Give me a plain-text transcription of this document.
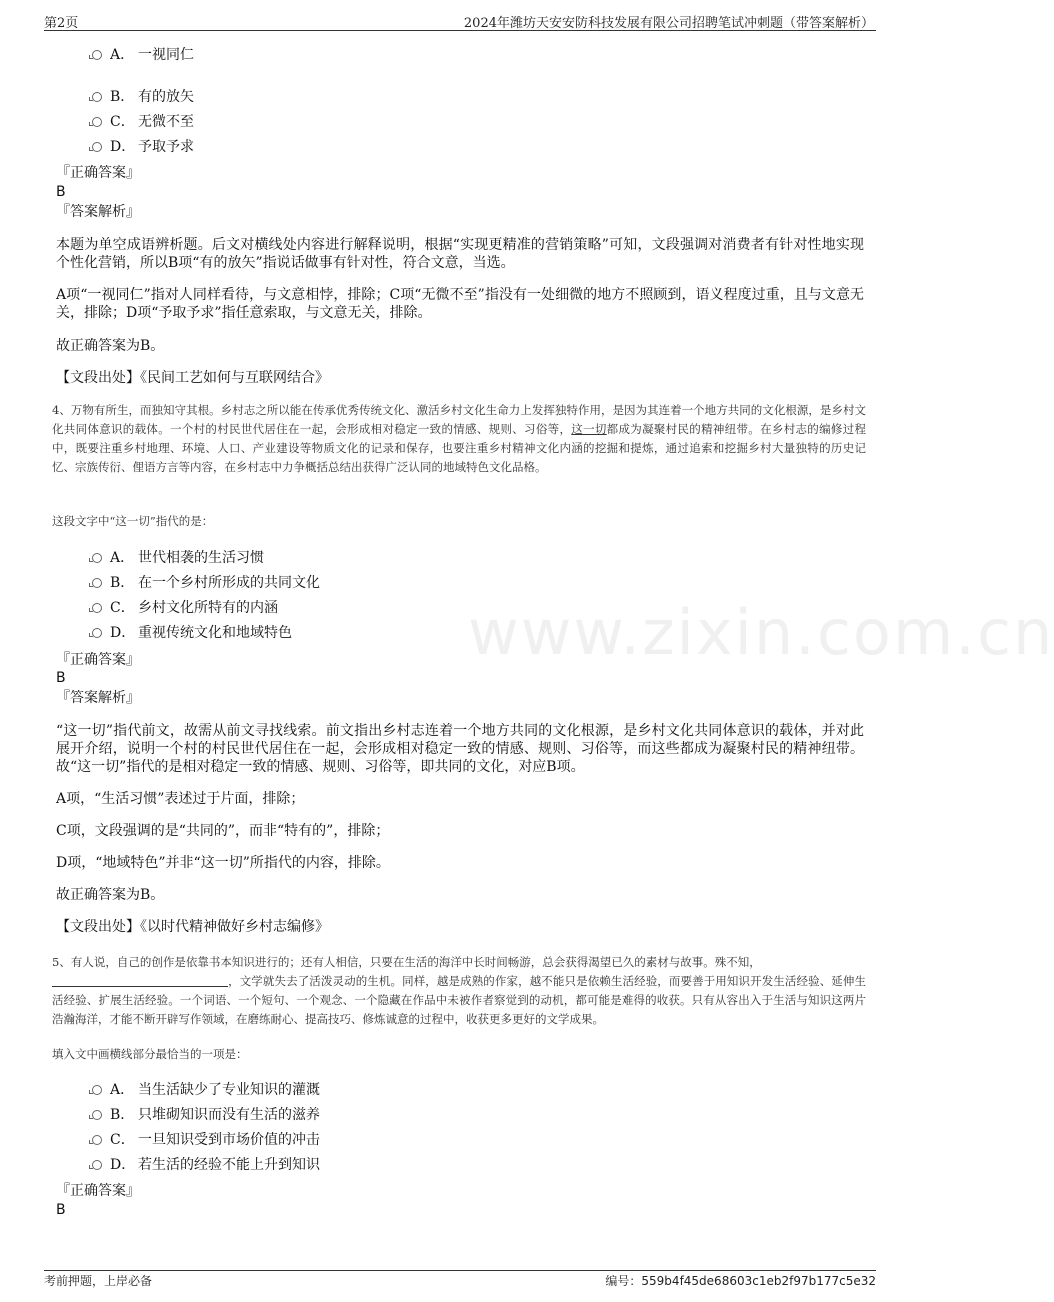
第2页	2024年潍坊天安安防科技发展有限公司招聘笔试冲刺题（带答案解析）
A． 一视同仁
B． 有的放矢
C． 无微不至
D． 予取予求
『正确答案』
B
『答案解析』

本题为单空成语辨析题。后文对横线处内容进行解释说明，根据“实现更精准的营销策略”可知，文段强调对消费者有针对性地实现个性化营销，所以B项“有的放矢”指说话做事有针对性，符合文意，当选。

A项“一视同仁”指对人同样看待，与文意相悖，排除；C项“无微不至”指没有一处细微的地方不照顾到，语义程度过重，且与文意无关，排除；D项“予取予求”指任意索取，与文意无关，排除。

故正确答案为B。

【文段出处】《民间工艺如何与互联网结合》

4、万物有所生，而独知守其根。乡村志之所以能在传承优秀传统文化、激活乡村文化生命力上发挥独特作用，是因为其连着一个地方共同的文化根源，是乡村文化共同体意识的载体。一个村的村民世代居住在一起，会形成相对稳定一致的情感、规则、习俗等，这一切都成为凝聚村民的精神纽带。在乡村志的编修过程中，既要注重乡村地理、环境、人口、产业建设等物质文化的记录和保存，也要注重乡村精神文化内涵的挖掘和提炼，通过追索和挖掘乡村大量独特的历史记忆、宗族传衍、俚语方言等内容，在乡村志中力争概括总结出获得广泛认同的地域特色文化品格。

这段文字中“这一切”指代的是：
A． 世代相袭的生活习惯
B． 在一个乡村所形成的共同文化
C． 乡村文化所特有的内涵
D． 重视传统文化和地域特色
『正确答案』
B
『答案解析』

“这一切”指代前文，故需从前文寻找线索。前文指出乡村志连着一个地方共同的文化根源，是乡村文化共同体意识的载体，并对此展开介绍，说明一个村的村民世代居住在一起，会形成相对稳定一致的情感、规则、习俗等，而这些都成为凝聚村民的精神纽带。故“这一切”指代的是相对稳定一致的情感、规则、习俗等，即共同的文化，对应B项。

A项，“生活习惯”表述过于片面，排除；

C项，文段强调的是“共同的”，而非“特有的”，排除；

D项，“地域特色”并非“这一切”所指代的内容，排除。

故正确答案为B。

【文段出处】《以时代精神做好乡村志编修》

5、有人说，自己的创作是依靠书本知识进行的；还有人相信，只要在生活的海洋中长时间畅游，总会获得渴望已久的素材与故事。殊不知，
，文学就失去了活泼灵动的生机。同样，越是成熟的作家，越不能只是依赖生活经验，而要善于用知识开发生活经验、延伸生活经验、扩展生活经验。一个词语、一个短句、一个观念、一个隐藏在作品中未被作者察觉到的动机，都可能是难得的收获。只有从容出入于生活与知识这两片浩瀚海洋，才能不断开辟写作领域，在磨练耐心、提高技巧、修炼诚意的过程中，收获更多更好的文学成果。

填入文中画横线部分最恰当的一项是：
A． 当生活缺少了专业知识的灌溉
B． 只堆砌知识而没有生活的滋养
C． 一旦知识受到市场价值的冲击
D． 若生活的经验不能上升到知识
『正确答案』
B
www.zixin.com.cn
考前押题，上岸必备	编号：559b4f45de68603c1eb2f97b177c5e32
